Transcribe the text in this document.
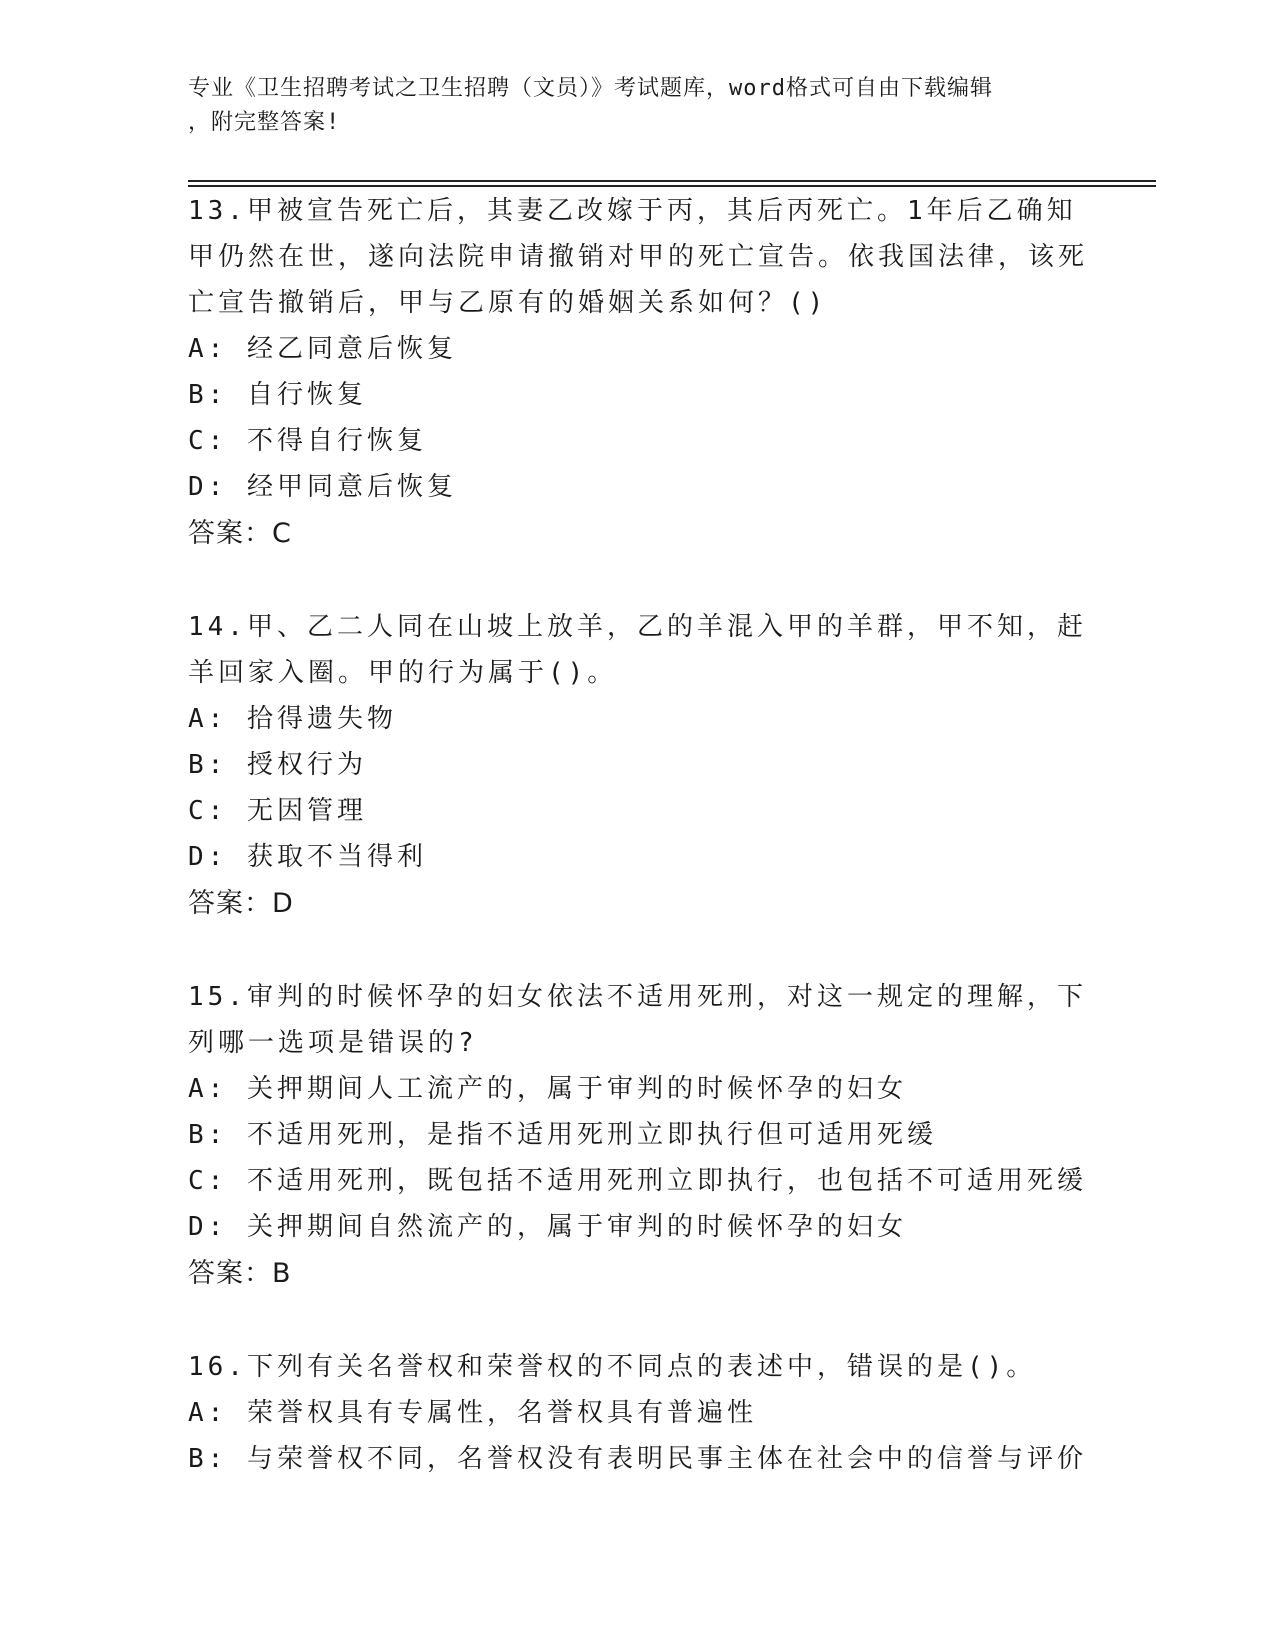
专业《卫生招聘考试之卫生招聘（文员）》考试题库，word格式可自由下载编辑
，附完整答案!
13.甲被宣告死亡后，其妻乙改嫁于丙，其后丙死亡。1年后乙确知甲仍然在世，遂向法院申请撤销对甲的死亡宣告。依我国法律，该死亡宣告撤销后，甲与乙原有的婚姻关系如何？()
A: 经乙同意后恢复
B: 自行恢复
C: 不得自行恢复
D: 经甲同意后恢复
答案：C
14.甲、乙二人同在山坡上放羊，乙的羊混入甲的羊群，甲不知，赶羊回家入圈。甲的行为属于()。
A: 拾得遗失物
B: 授权行为
C: 无因管理
D: 获取不当得利
答案：D
15.审判的时候怀孕的妇女依法不适用死刑，对这一规定的理解，下列哪一选项是错误的?
A: 关押期间人工流产的，属于审判的时候怀孕的妇女
B: 不适用死刑，是指不适用死刑立即执行但可适用死缓
C: 不适用死刑，既包括不适用死刑立即执行，也包括不可适用死缓
D: 关押期间自然流产的，属于审判的时候怀孕的妇女
答案：B
16.下列有关名誉权和荣誉权的不同点的表述中，错误的是()。
A: 荣誉权具有专属性，名誉权具有普遍性
B: 与荣誉权不同，名誉权没有表明民事主体在社会中的信誉与评价
